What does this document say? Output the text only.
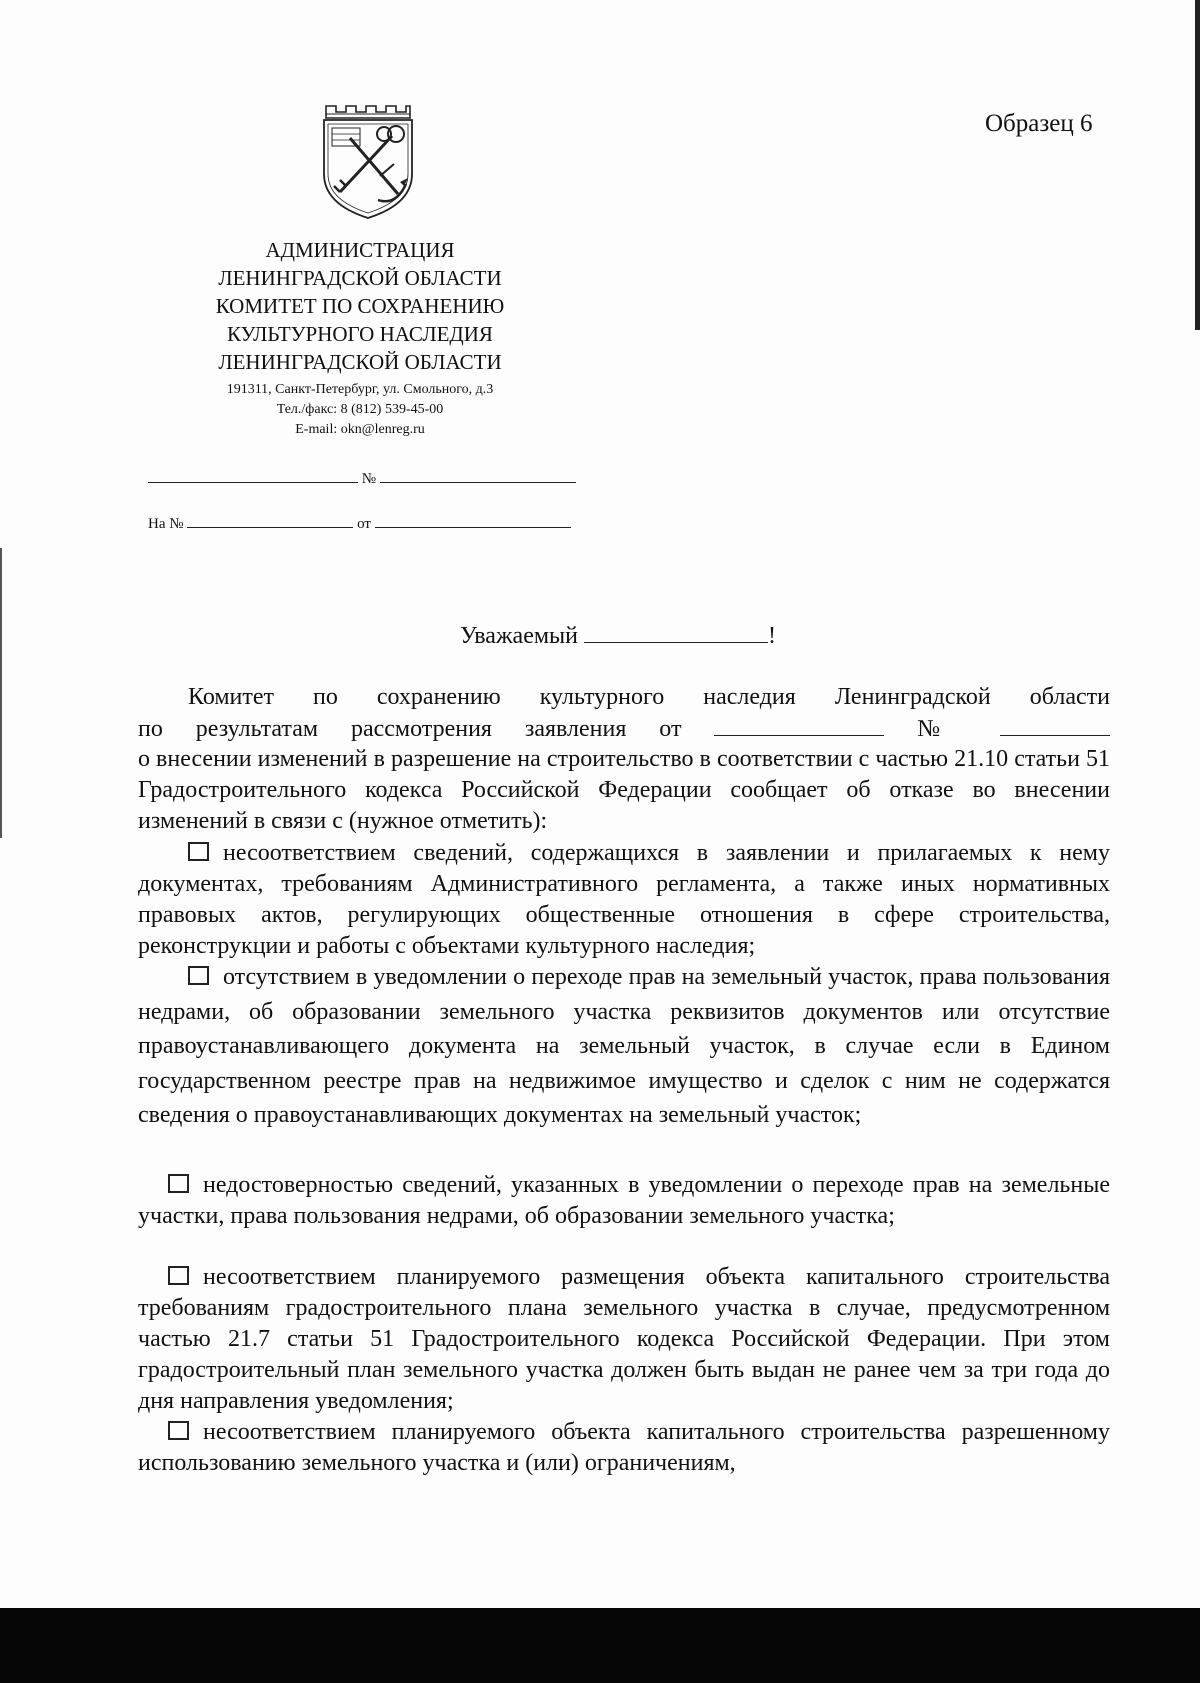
Образец 6
АДМИНИСТРАЦИЯ
ЛЕНИНГРАДСКОЙ ОБЛАСТИ
КОМИТЕТ ПО СОХРАНЕНИЮ
КУЛЬТУРНОГО НАСЛЕДИЯ
ЛЕНИНГРАДСКОЙ ОБЛАСТИ
191311, Санкт-Петербург, ул. Смольного, д.3
Тел./факс: 8 (812) 539-45-00
E-mail: okn@lenreg.ru
№
На №	от
Уважаемый	!
Комитет по сохранению культурного наследия Ленинградской области
по результатам рассмотрения заявления от	№
о внесении изменений в разрешение на строительство в соответствии с частью 21.10 статьи 51 Градостроительного кодекса Российской Федерации сообщает об отказе во внесении изменений в связи с (нужное отметить):
несоответствием сведений, содержащихся в заявлении и прилагаемых к нему документах, требованиям Административного регламента, а также иных нормативных правовых актов, регулирующих общественные отношения в сфере строительства, реконструкции и работы с объектами культурного наследия;
отсутствием в уведомлении о переходе прав на земельный участок, права пользования недрами, об образовании земельного участка реквизитов документов или отсутствие правоустанавливающего документа на земельный участок, в случае если в Едином государственном реестре прав на недвижимое имущество и сделок с ним не содержатся сведения о правоустанавливающих документах на земельный участок;
недостоверностью сведений, указанных в уведомлении о переходе прав на земельные участки, права пользования недрами, об образовании земельного участка;
несоответствием планируемого размещения объекта капитального строительства требованиям градостроительного плана земельного участка в случае, предусмотренном частью 21.7 статьи 51 Градостроительного кодекса Российской Федерации. При этом градостроительный план земельного участка должен быть выдан не ранее чем за три года до дня направления уведомления;
несоответствием планируемого объекта капитального строительства разрешенному использованию земельного участка и (или) ограничениям,
